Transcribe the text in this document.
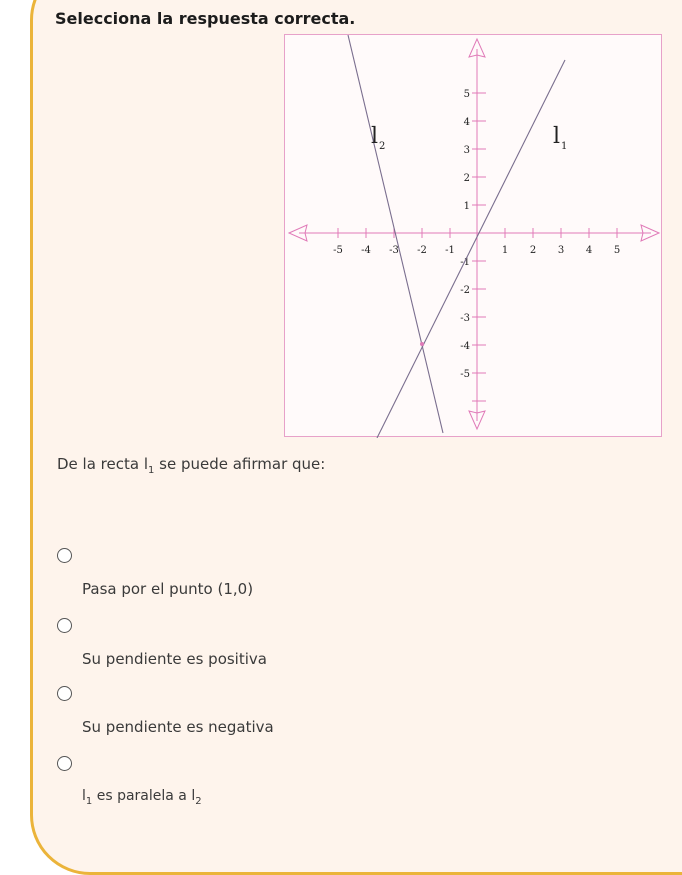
Selecciona la respuesta correcta.
-5 -4 -3 -2 -1	1 2 3 4 5
5
4
3
2
1
-1
-2
-3
-4
-5
l 2	l 1
De la recta $l_1$ se puede afirmar que:
Pasa por el punto (1,0)
Su pendiente es positiva
Su pendiente es negativa
$l_1$ es paralela a $l_2$
